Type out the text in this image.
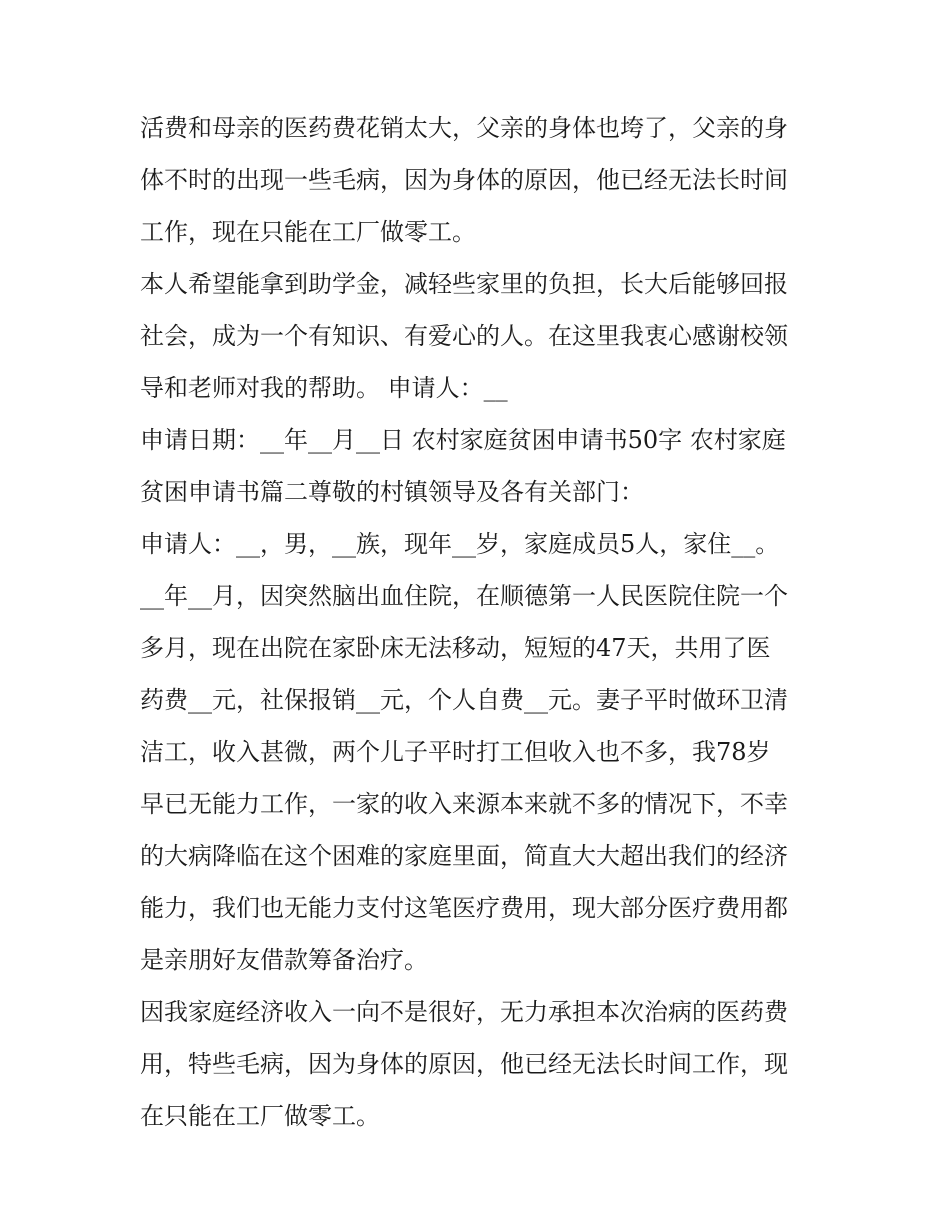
活费和母亲的医药费花销太大，父亲的身体也垮了，父亲的身
体不时的出现一些毛病，因为身体的原因，他已经无法长时间
工作，现在只能在工厂做零工。
本人希望能拿到助学金，减轻些家里的负担，长大后能够回报
社会，成为一个有知识、有爱心的人。在这里我衷心感谢校领
导和老师对我的帮助。 申请人：__
申请日期：__年__月__日 农村家庭贫困申请书50字 农村家庭
贫困申请书篇二尊敬的村镇领导及各有关部门：
申请人：__，男，__族，现年__岁，家庭成员5人，家住__。
__年__月，因突然脑出血住院，在顺德第一人民医院住院一个
多月，现在出院在家卧床无法移动，短短的47天，共用了医
药费__元，社保报销__元，个人自费__元。妻子平时做环卫清
洁工，收入甚微，两个儿子平时打工但收入也不多，我78岁
早已无能力工作，一家的收入来源本来就不多的情况下，不幸
的大病降临在这个困难的家庭里面，简直大大超出我们的经济
能力，我们也无能力支付这笔医疗费用，现大部分医疗费用都
是亲朋好友借款筹备治疗。
因我家庭经济收入一向不是很好，无力承担本次治病的医药费
用，特些毛病，因为身体的原因，他已经无法长时间工作，现
在只能在工厂做零工。
